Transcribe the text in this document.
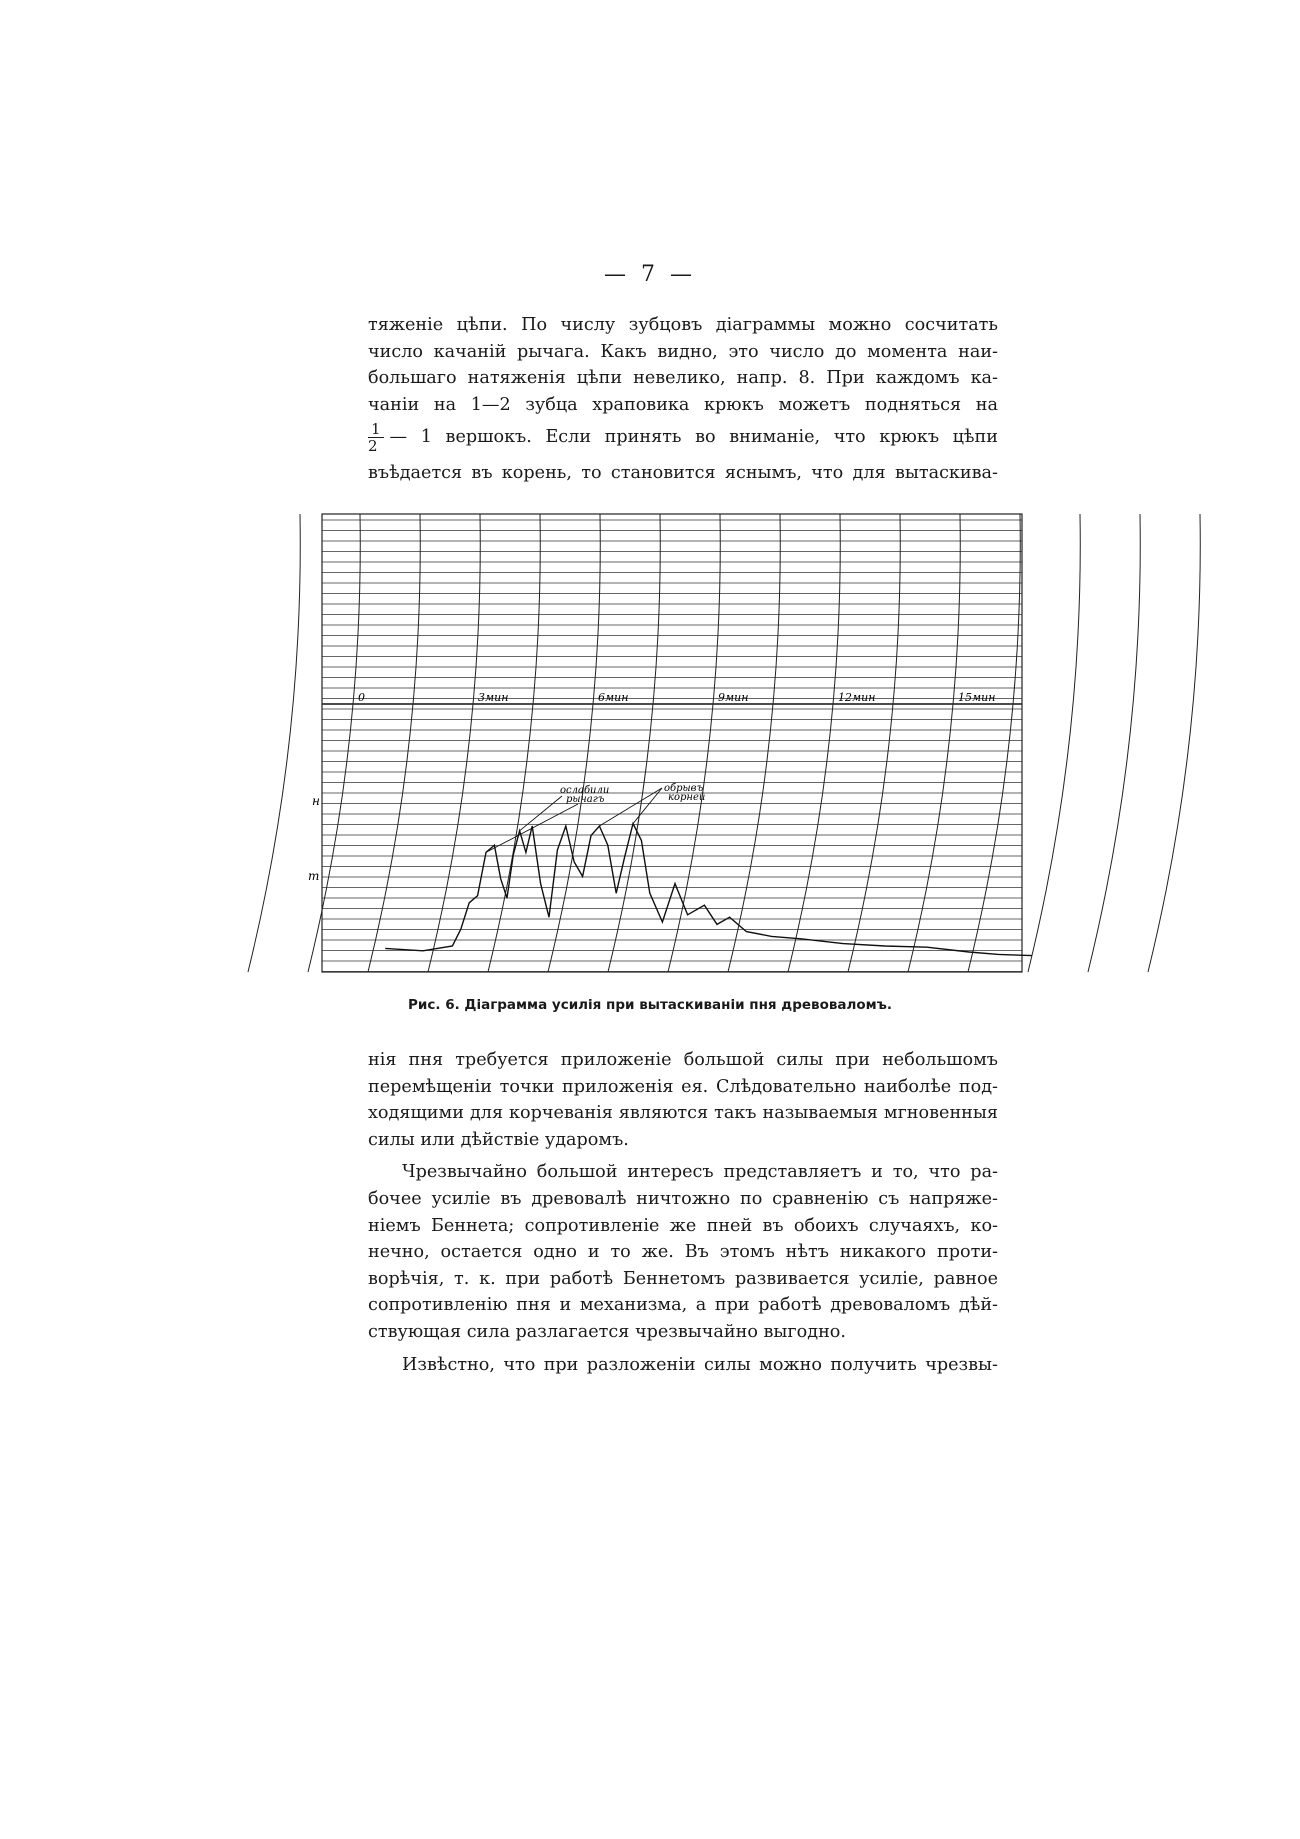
— 7 —

тяженіе цѣпи. По числу зубцовъ діаграммы можно сосчитать

число качаній рычага. Какъ видно, это число до момента наи-

большаго натяженія цѣпи невелико, напр. 8. При каждомъ ка-

чаніи на 1—2 зубца храповика крюкъ можетъ подняться на

$\frac{1}{2}$ — 1 вершокъ. Если принять во вниманіе, что крюкъ цѣпи

въѣдается въ корень, то становится яснымъ, что для вытаскива-

0	3мин	6мин	9мин	12мин	15мин
н
т
ослабили
рычагъ
обрывъ
корней
Рис. 6. Діаграмма усилія при вытаскиваніи пня древоваломъ.

нія пня требуется приложеніе большой силы при небольшомъ

перемѣщеніи точки приложенія ея. Слѣдовательно наиболѣе под-

ходящими для корчеванія являются такъ называемыя мгновенныя

силы или дѣйствіе ударомъ.

Чрезвычайно большой интересъ представляетъ и то, что ра-

бочее усиліе въ древовалѣ ничтожно по сравненію съ напряже-

ніемъ Беннета; сопротивленіе же пней въ обоихъ случаяхъ, ко-

нечно, остается одно и то же. Въ этомъ нѣтъ никакого проти-

ворѣчія, т. к. при работѣ Беннетомъ развивается усиліе, равное

сопротивленію пня и механизма, а при работѣ древоваломъ дѣй-

ствующая сила разлагается чрезвычайно выгодно.

Извѣстно, что при разложеніи силы можно получить чрезвы-
